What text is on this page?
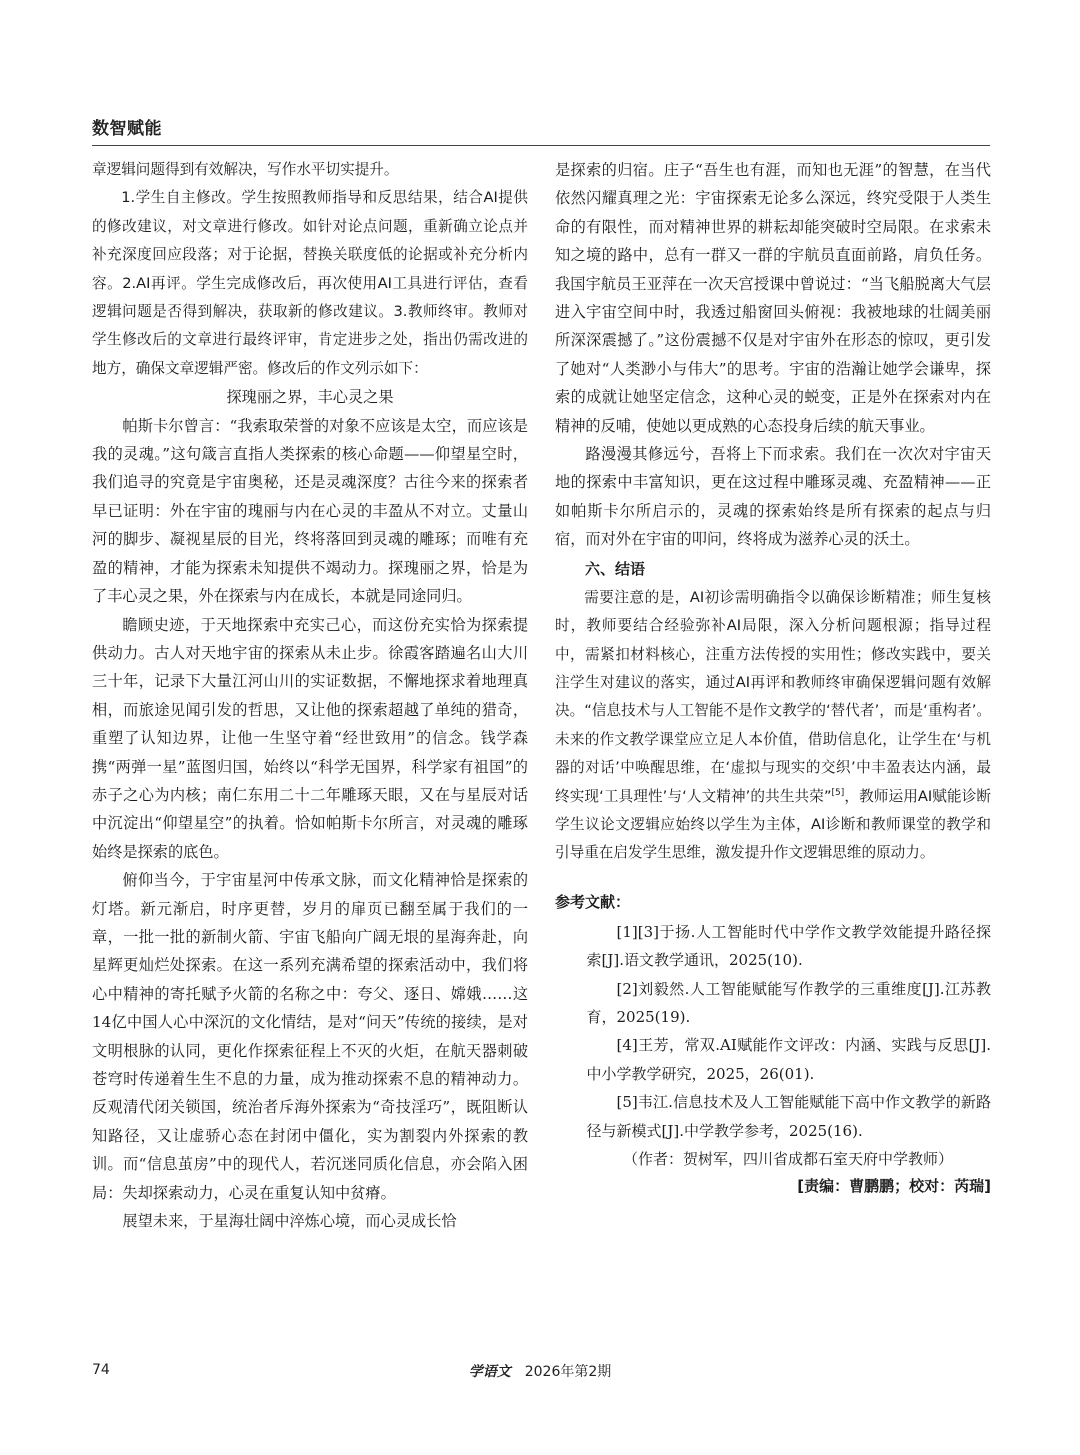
数智赋能

章逻辑问题得到有效解决，写作水平切实提升。

1.学生自主修改。学生按照教师指导和反思结果，结合AI提供的修改建议，对文章进行修改。如针对论点问题，重新确立论点并补充深度回应段落；对于论据，替换关联度低的论据或补充分析内容。2.AI再评。学生完成修改后，再次使用AI工具进行评估，查看逻辑问题是否得到解决，获取新的修改建议。3.教师终审。教师对学生修改后的文章进行最终评审，肯定进步之处，指出仍需改进的地方，确保文章逻辑严密。修改后的作文列示如下：

探瑰丽之界，丰心灵之果

帕斯卡尔曾言：“我索取荣誉的对象不应该是太空，而应该是我的灵魂。”这句箴言直指人类探索的核心命题——仰望星空时，我们追寻的究竟是宇宙奥秘，还是灵魂深度？古往今来的探索者早已证明：外在宇宙的瑰丽与内在心灵的丰盈从不对立。丈量山河的脚步、凝视星辰的目光，终将落回到灵魂的雕琢；而唯有充盈的精神，才能为探索未知提供不竭动力。探瑰丽之界，恰是为了丰心灵之果，外在探索与内在成长，本就是同途同归。

瞻顾史迹，于天地探索中充实己心，而这份充实恰为探索提供动力。古人对天地宇宙的探索从未止步。徐霞客踏遍名山大川三十年，记录下大量江河山川的实证数据，不懈地探求着地理真相，而旅途见闻引发的哲思，又让他的探索超越了单纯的猎奇，重塑了认知边界，让他一生坚守着“经世致用”的信念。钱学森携“两弹一星”蓝图归国，始终以“科学无国界，科学家有祖国”的赤子之心为内核；南仁东用二十二年雕琢天眼，又在与星辰对话中沉淀出“仰望星空”的执着。恰如帕斯卡尔所言，对灵魂的雕琢始终是探索的底色。

俯仰当今，于宇宙星河中传承文脉，而文化精神恰是探索的灯塔。新元渐启，时序更替，岁月的扉页已翻至属于我们的一章，一批一批的新制火箭、宇宙飞船向广阔无垠的星海奔赴，向星辉更灿烂处探索。在这一系列充满希望的探索活动中，我们将心中精神的寄托赋予火箭的名称之中：夸父、逐日、嫦娥……这14亿中国人心中深沉的文化情结，是对“问天”传统的接续，是对文明根脉的认同，更化作探索征程上不灭的火炬，在航天器刺破苍穹时传递着生生不息的力量，成为推动探索不息的精神动力。反观清代闭关锁国，统治者斥海外探索为“奇技淫巧”，既阻断认知路径，又让虚骄心态在封闭中僵化，实为割裂内外探索的教训。而“信息茧房”中的现代人，若沉迷同质化信息，亦会陷入困局：失却探索动力，心灵在重复认知中贫瘠。

展望未来，于星海壮阔中淬炼心境，而心灵成长恰

是探索的归宿。庄子“吾生也有涯，而知也无涯”的智慧，在当代依然闪耀真理之光：宇宙探索无论多么深远，终究受限于人类生命的有限性，而对精神世界的耕耘却能突破时空局限。在求索未知之境的路中，总有一群又一群的宇航员直面前路，肩负任务。我国宇航员王亚萍在一次天宫授课中曾说过：“当飞船脱离大气层进入宇宙空间中时，我透过船窗回头俯视：我被地球的壮阔美丽所深深震撼了。”这份震撼不仅是对宇宙外在形态的惊叹，更引发了她对“人类渺小与伟大”的思考。宇宙的浩瀚让她学会谦卑，探索的成就让她坚定信念，这种心灵的蜕变，正是外在探索对内在精神的反哺，使她以更成熟的心态投身后续的航天事业。

路漫漫其修远兮，吾将上下而求索。我们在一次次对宇宙天地的探索中丰富知识，更在这过程中雕琢灵魂、充盈精神——正如帕斯卡尔所启示的，灵魂的探索始终是所有探索的起点与归宿，而对外在宇宙的叩问，终将成为滋养心灵的沃土。

六、结语

需要注意的是，AI初诊需明确指令以确保诊断精准；师生复核时，教师要结合经验弥补AI局限，深入分析问题根源；指导过程中，需紧扣材料核心，注重方法传授的实用性；修改实践中，要关注学生对建议的落实，通过AI再评和教师终审确保逻辑问题有效解决。“信息技术与人工智能不是作文教学的‘替代者’，而是‘重构者’。未来的作文教学课堂应立足人本价值，借助信息化，让学生在‘与机器的对话’中唤醒思维，在‘虚拟与现实的交织’中丰盈表达内涵，最终实现‘工具理性’与‘人文精神’的共生共荣”[5]，教师运用AI赋能诊断学生议论文逻辑应始终以学生为主体，AI诊断和教师课堂的教学和引导重在启发学生思维，激发提升作文逻辑思维的原动力。

参考文献：

[1][3]于扬.人工智能时代中学作文教学效能提升路径探索[J].语文教学通讯，2025(10).

[2]刘毅然.人工智能赋能写作教学的三重维度[J].江苏教育，2025(19).

[4]王芳，常双.AI赋能作文评改：内涵、实践与反思[J].中小学教学研究，2025，26(01).

[5]韦江.信息技术及人工智能赋能下高中作文教学的新路径与新模式[J].中学教学参考，2025(16).

（作者：贺树军，四川省成都石室天府中学教师）

[责编：曹鹏鹏；校对：芮瑞]

74	学语文 2026年第2期
